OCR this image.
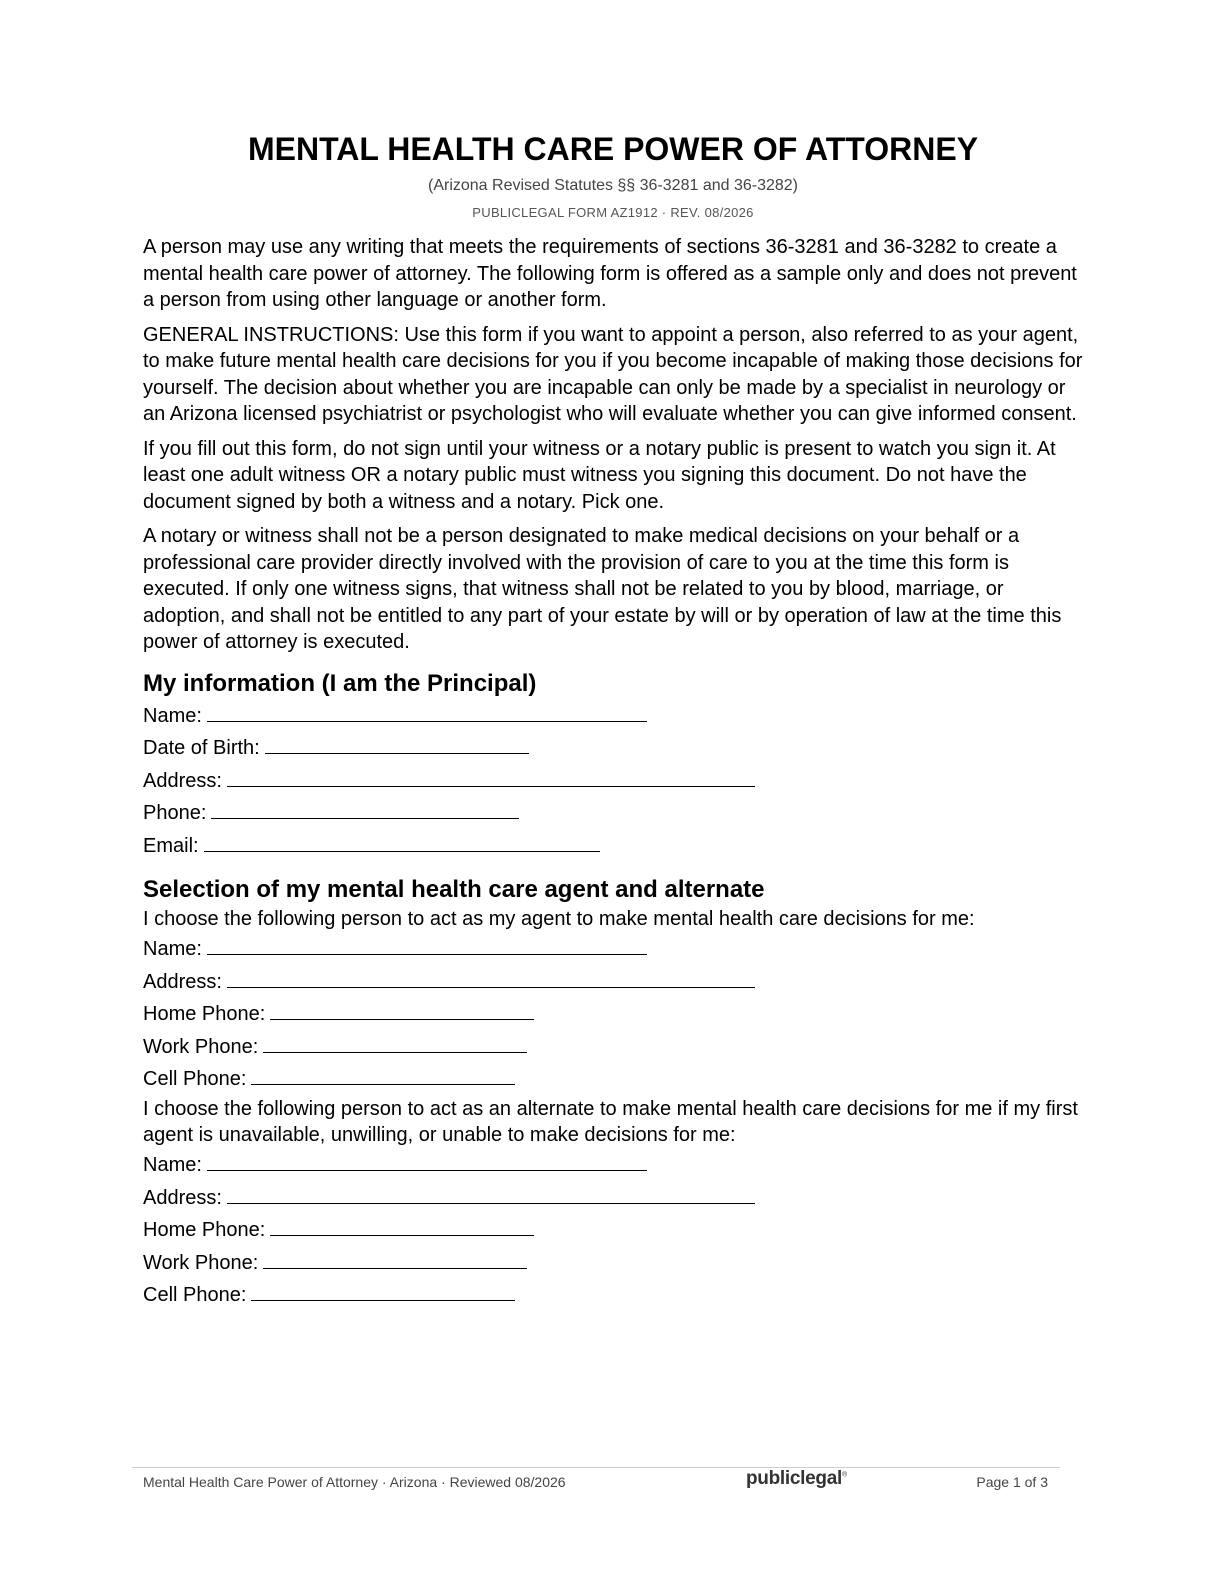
MENTAL HEALTH CARE POWER OF ATTORNEY
(Arizona Revised Statutes §§ 36-3281 and 36-3282)
PUBLICLEGAL FORM AZ1912 · REV. 08/2026

A person may use any writing that meets the requirements of sections 36-3281 and 36-3282 to create a mental health care power of attorney. The following form is offered as a sample only and does not prevent a person from using other language or another form.

GENERAL INSTRUCTIONS: Use this form if you want to appoint a person, also referred to as your agent, to make future mental health care decisions for you if you become incapable of making those decisions for yourself. The decision about whether you are incapable can only be made by a specialist in neurology or an Arizona licensed psychiatrist or psychologist who will evaluate whether you can give informed consent.

If you fill out this form, do not sign until your witness or a notary public is present to watch you sign it. At least one adult witness OR a notary public must witness you signing this document. Do not have the document signed by both a witness and a notary. Pick one.

A notary or witness shall not be a person designated to make medical decisions on your behalf or a professional care provider directly involved with the provision of care to you at the time this form is executed. If only one witness signs, that witness shall not be related to you by blood, marriage, or adoption, and shall not be entitled to any part of your estate by will or by operation of law at the time this power of attorney is executed.

My information (I am the Principal)
Name:
Date of Birth:
Address:
Phone:
Email:
Selection of my mental health care agent and alternate

I choose the following person to act as my agent to make mental health care decisions for me:

Name:
Address:
Home Phone:
Work Phone:
Cell Phone:

I choose the following person to act as an alternate to make mental health care decisions for me if my first agent is unavailable, unwilling, or unable to make decisions for me:

Name:
Address:
Home Phone:
Work Phone:
Cell Phone:
Mental Health Care Power of Attorney · Arizona · Reviewed 08/2026	publiclegal®	Page 1 of 3
